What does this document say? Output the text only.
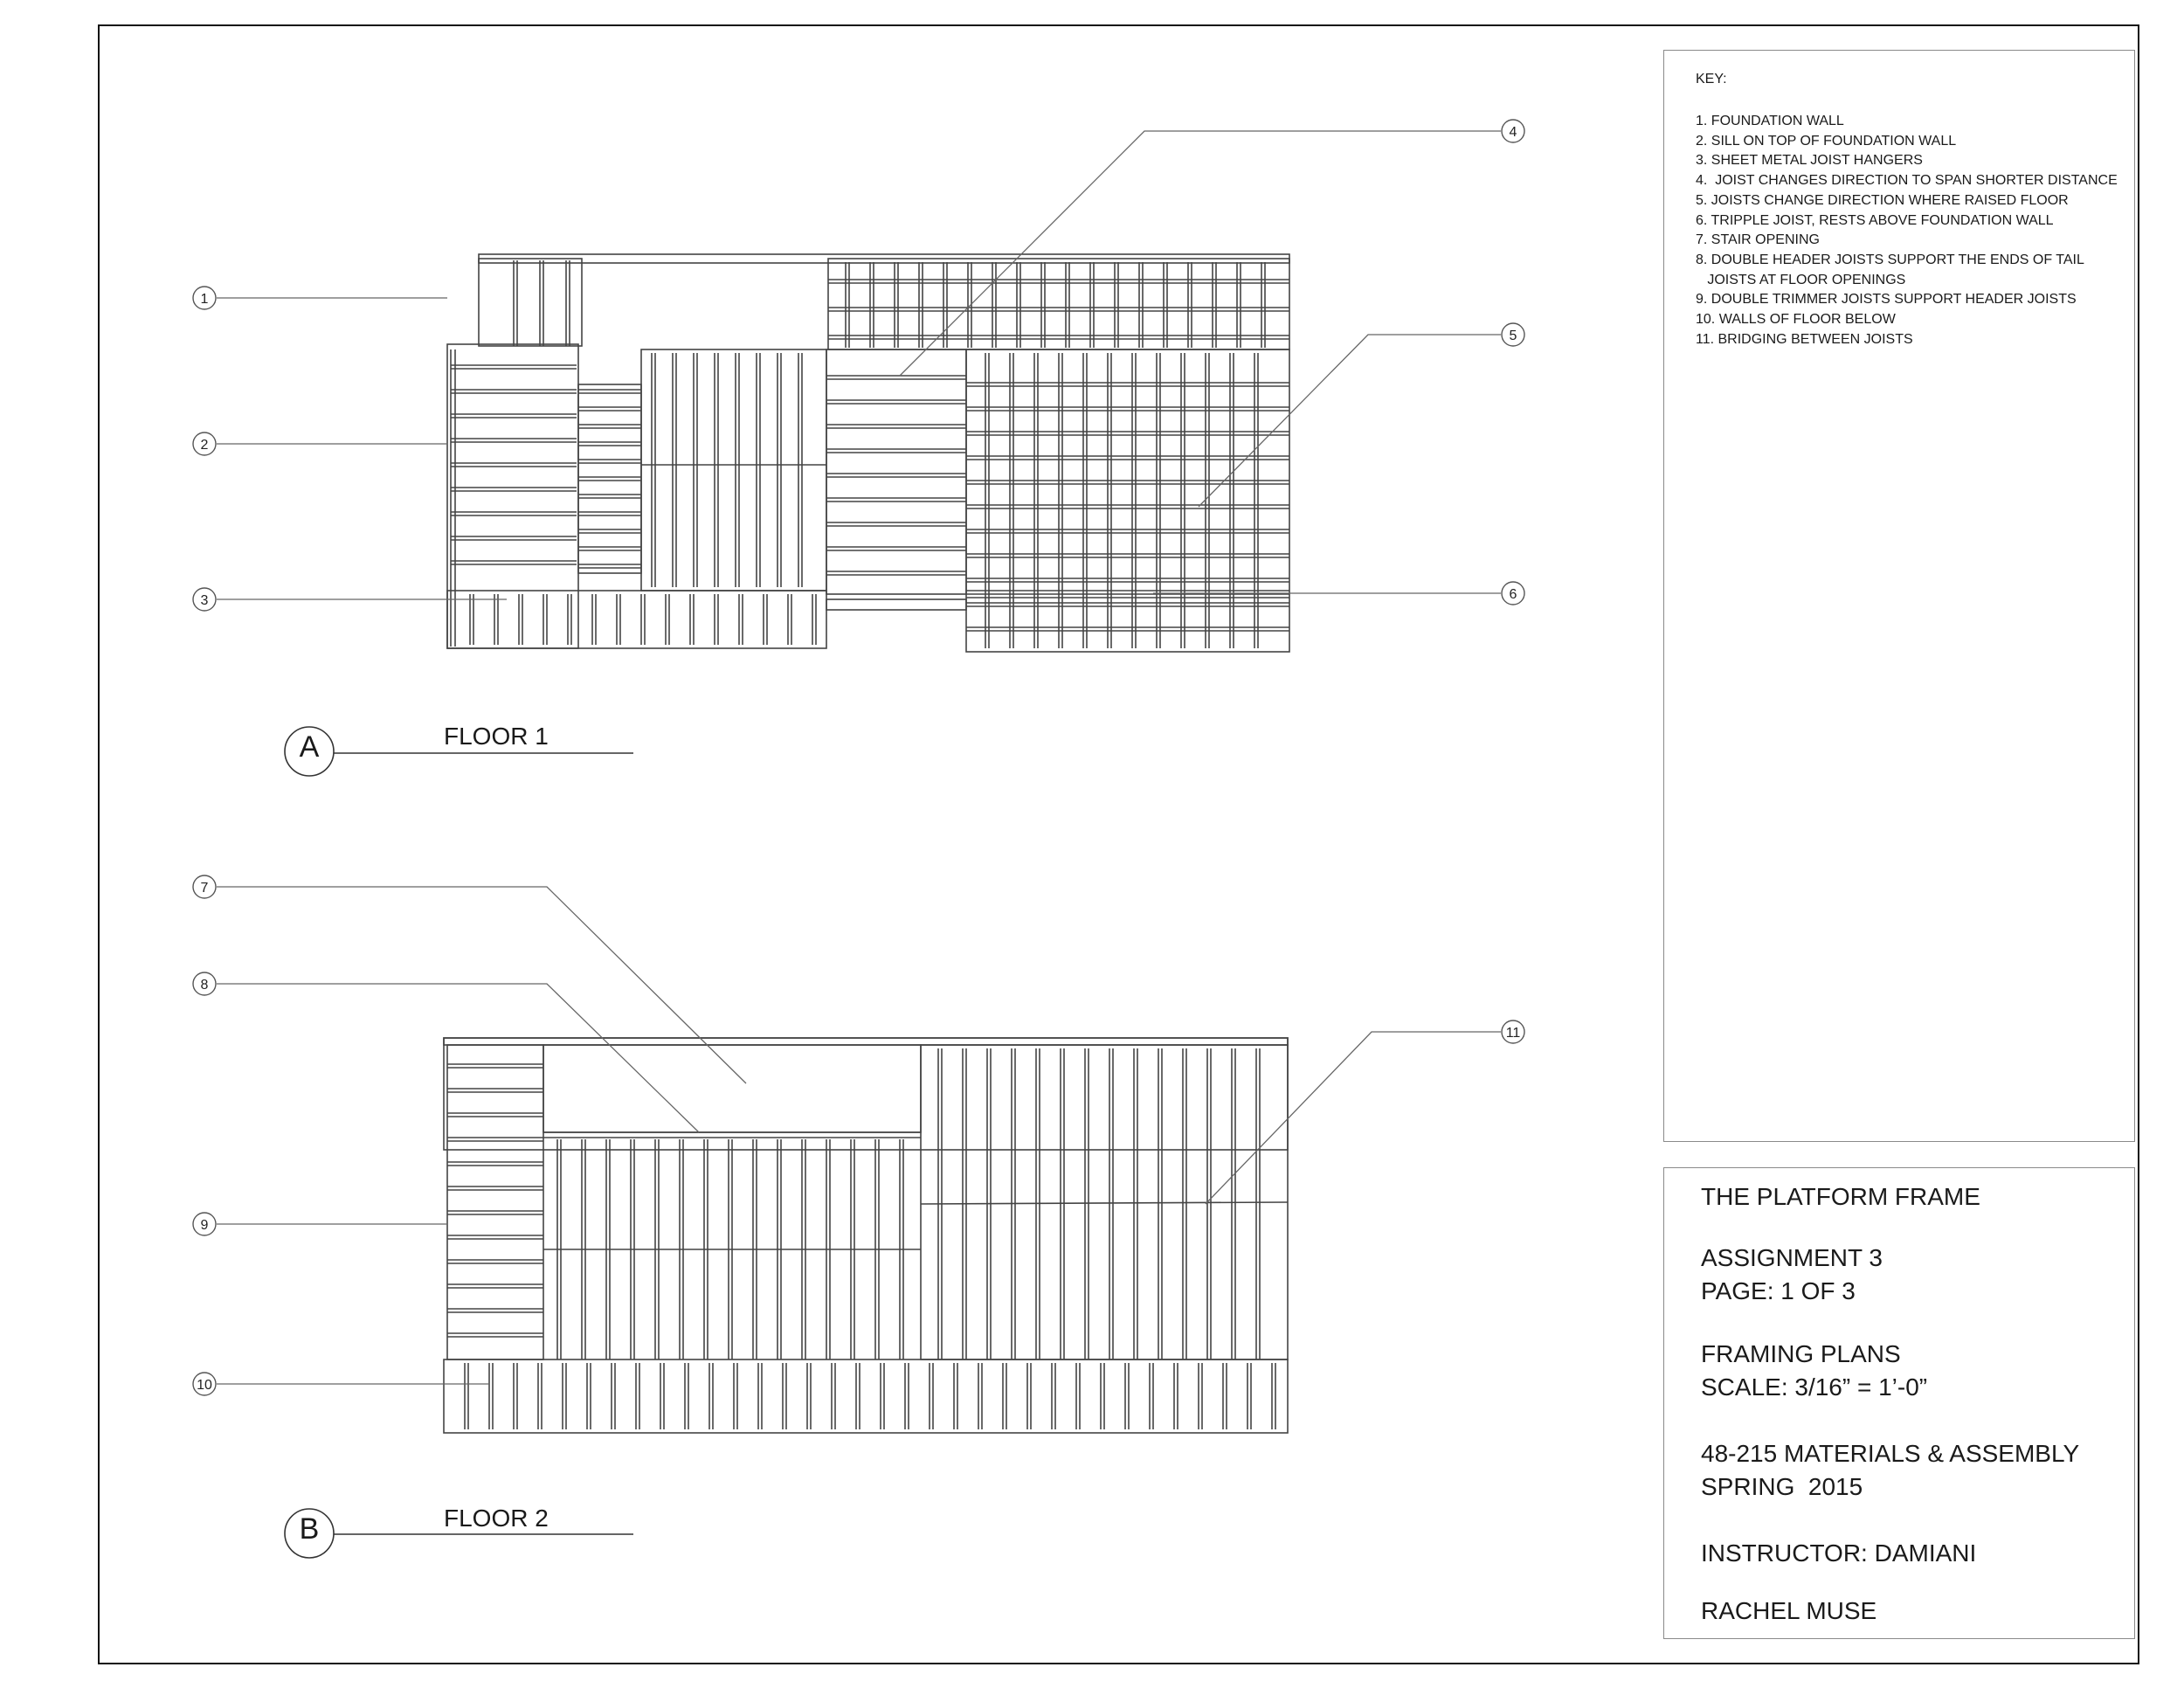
1
2
3
4
5
6
7
8
9
10
11
A	FLOOR 1
B	FLOOR 2
KEY:
1. FOUNDATION WALL
2. SILL ON TOP OF FOUNDATION WALL
3. SHEET METAL JOIST HANGERS
4.  JOIST CHANGES DIRECTION TO SPAN SHORTER DISTANCE
5. JOISTS CHANGE DIRECTION WHERE RAISED FLOOR
6. TRIPPLE JOIST, RESTS ABOVE FOUNDATION WALL
7. STAIR OPENING
8. DOUBLE HEADER JOISTS SUPPORT THE ENDS OF TAIL
JOISTS AT FLOOR OPENINGS
9. DOUBLE TRIMMER JOISTS SUPPORT HEADER JOISTS
10. WALLS OF FLOOR BELOW
11. BRIDGING BETWEEN JOISTS
THE PLATFORM FRAME
ASSIGNMENT 3
PAGE: 1 OF 3
FRAMING PLANS
SCALE: 3/16” = 1’-0”
48-215 MATERIALS & ASSEMBLY
SPRING  2015
INSTRUCTOR: DAMIANI
RACHEL MUSE
